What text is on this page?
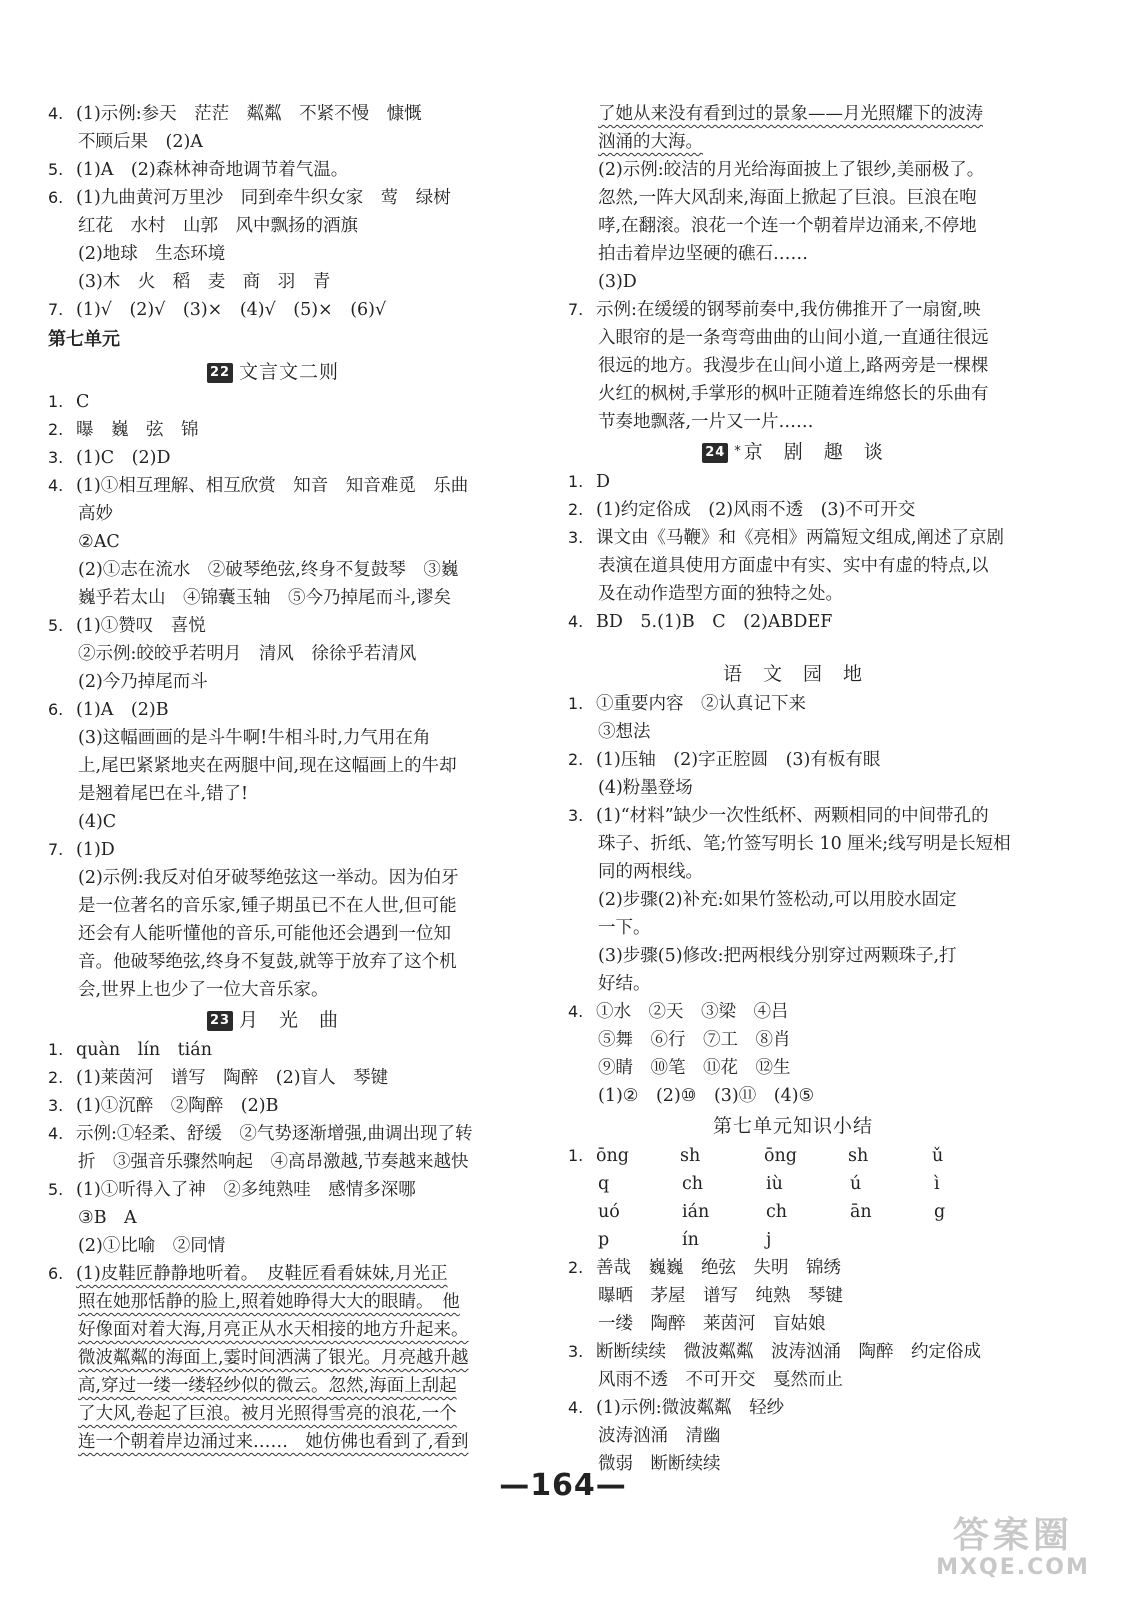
4. (1)示例:参天　茫茫　粼粼　不紧不慢　慷慨
不顾后果　(2)A
5. (1)A　(2)森林神奇地调节着气温。
6. (1)九曲黄河万里沙　同到牵牛织女家　莺　绿树
红花　水村　山郭　风中飘扬的酒旗
(2)地球　生态环境
(3)木　火　稻　麦　商　羽　青
7. (1)√　(2)√　(3)×　(4)√　(5)×　(6)√
第七单元
22 文言文二则
1. C
2. 曝　巍　弦　锦
3. (1)C　(2)D
4. (1)①相互理解、相互欣赏　知音　知音难觅　乐曲
高妙
②AC
(2)①志在流水　②破琴绝弦,终身不复鼓琴　③巍
巍乎若太山　④锦囊玉轴　⑤今乃掉尾而斗,谬矣
5. (1)①赞叹　喜悦
②示例:皎皎乎若明月　清风　徐徐乎若清风
(2)今乃掉尾而斗
6. (1)A　(2)B
(3)这幅画画的是斗牛啊!牛相斗时,力气用在角
上,尾巴紧紧地夹在两腿中间,现在这幅画上的牛却
是翘着尾巴在斗,错了!
(4)C
7. (1)D
(2)示例:我反对伯牙破琴绝弦这一举动。因为伯牙
是一位著名的音乐家,锺子期虽已不在人世,但可能
还会有人能听懂他的音乐,可能他还会遇到一位知
音。他破琴绝弦,终身不复鼓,就等于放弃了这个机
会,世界上也少了一位大音乐家。
23 月　光　曲
1. quàn　lín　tián
2. (1)莱茵河　谱写　陶醉　(2)盲人　琴键
3. (1)①沉醉　②陶醉　(2)B
4. 示例:①轻柔、舒缓　②气势逐渐增强,曲调出现了转
折　③强音乐骤然响起　④高昂激越,节奏越来越快
5. (1)①听得入了神　②多纯熟哇　感情多深哪
③B　A
(2)①比喻　②同情
6. (1)皮鞋匠静静地听着。　皮鞋匠看看妹妹,月光正
照在她那恬静的脸上,照着她睁得大大的眼睛。　他
好像面对着大海,月亮正从水天相接的地方升起来。
微波粼粼的海面上,霎时间洒满了银光。月亮越升越
高,穿过一缕一缕轻纱似的微云。忽然,海面上刮起
了大风,卷起了巨浪。被月光照得雪亮的浪花,一个
连一个朝着岸边涌过来……　她仿佛也看到了,看到
了她从来没有看到过的景象——月光照耀下的波涛
汹涌的大海。
(2)示例:皎洁的月光给海面披上了银纱,美丽极了。
忽然,一阵大风刮来,海面上掀起了巨浪。巨浪在咆
哮,在翻滚。浪花一个连一个朝着岸边涌来,不停地
拍击着岸边坚硬的礁石……
(3)D
7. 示例:在缓缓的钢琴前奏中,我仿佛推开了一扇窗,映
入眼帘的是一条弯弯曲曲的山间小道,一直通往很远
很远的地方。我漫步在山间小道上,路两旁是一棵棵
火红的枫树,手掌形的枫叶正随着连绵悠长的乐曲有
节奏地飘落,一片又一片……
24 * 京　剧　趣　谈
1. D
2. (1)约定俗成　(2)风雨不透　(3)不可开交
3. 课文由《马鞭》和《亮相》两篇短文组成,阐述了京剧
表演在道具使用方面虚中有实、实中有虚的特点,以
及在动作造型方面的独特之处。
4. BD　5.(1)B　C　(2)ABDEF
语　文　园　地
1. ①重要内容　②认真记下来
③想法
2. (1)压轴　(2)字正腔圆　(3)有板有眼
(4)粉墨登场
3. (1)“材料”缺少一次性纸杯、两颗相同的中间带孔的
珠子、折纸、笔;竹签写明长 10 厘米;线写明是长短相
同的两根线。
(2)步骤(2)补充:如果竹签松动,可以用胶水固定
一下。
(3)步骤(5)修改:把两根线分别穿过两颗珠子,打
好结。
4. ①水　②天　③梁　④吕
⑤舞　⑥行　⑦工　⑧肖
⑨睛　⑩笔　⑪花　⑫生
(1)②　(2)⑩　(3)⑪　(4)⑤
第七单元知识小结
1. ōng	sh	ōng	sh	ǔ
q	ch	iù	ú	ì
uó	ián	ch	ān	g
p	ín	j
2. 善哉　巍巍　绝弦　失明　锦绣
曝晒　茅屋　谱写　纯熟　琴键
一缕　陶醉　莱茵河　盲姑娘
3. 断断续续　微波粼粼　波涛汹涌　陶醉　约定俗成
风雨不透　不可开交　戛然而止
4. (1)示例:微波粼粼　轻纱
波涛汹涌　清幽
微弱　断断续续
—164—
答案圈
MXQE.COM
